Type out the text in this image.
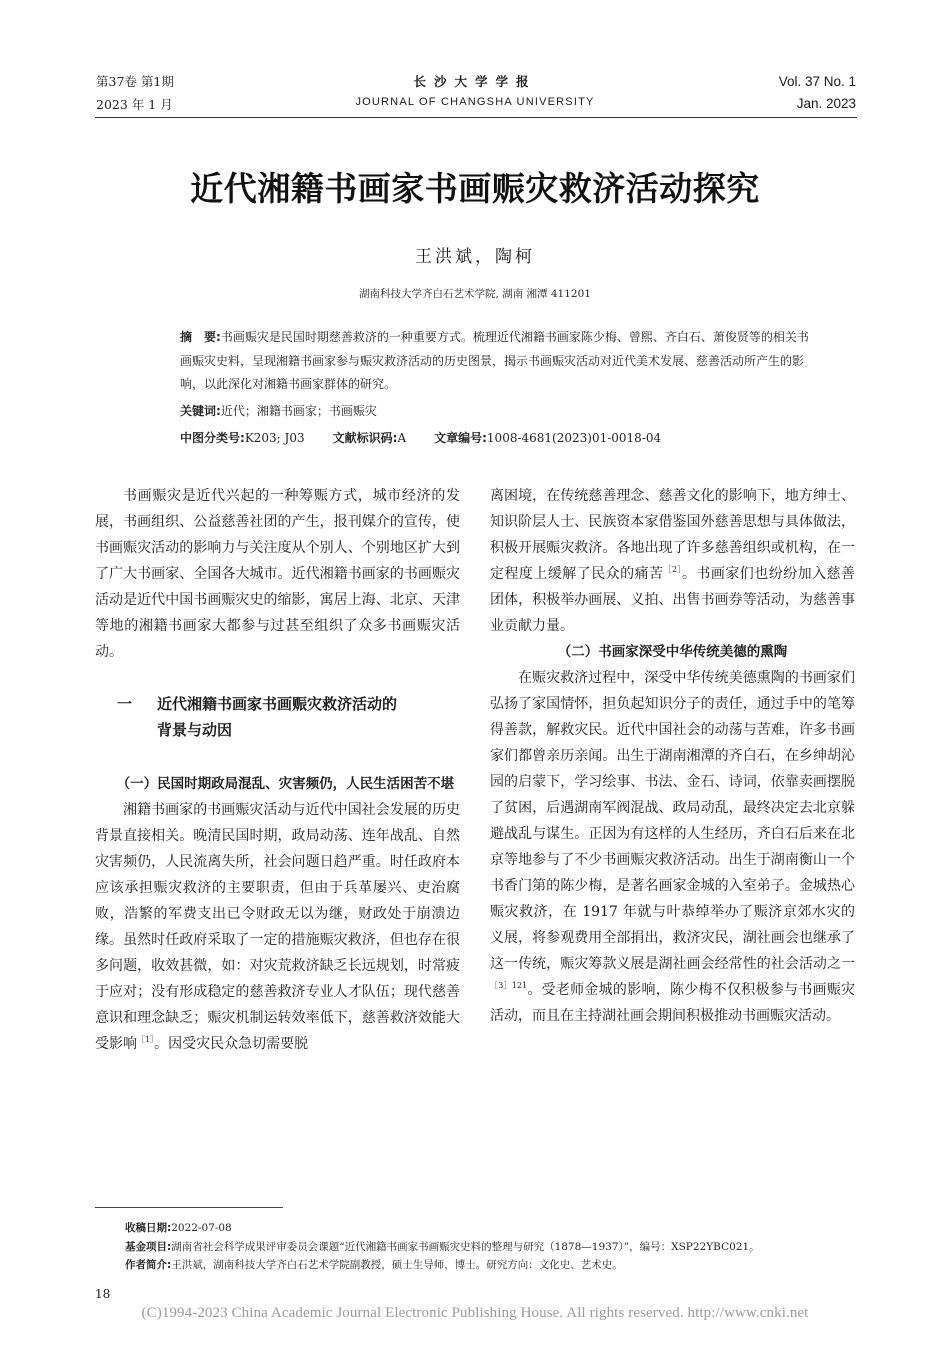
第37卷 第1期
2023 年 1 月
长沙大学学报
JOURNAL OF CHANGSHA UNIVERSITY
Vol. 37 No. 1
Jan. 2023
近代湘籍书画家书画赈灾救济活动探究
王洪斌，陶柯
湖南科技大学齐白石艺术学院, 湖南 湘潭 411201
摘　要:书画赈灾是民国时期慈善救济的一种重要方式。梳理近代湘籍书画家陈少梅、曾熙、齐白石、萧俊贤等的相关书画赈灾史料，呈现湘籍书画家参与赈灾救济活动的历史图景，揭示书画赈灾活动对近代美术发展、慈善活动所产生的影响，以此深化对湘籍书画家群体的研究。
关键词:近代；湘籍书画家；书画赈灾
中图分类号:K203; J03 文献标识码:A 文章编号:1008-4681(2023)01-0018-04

书画赈灾是近代兴起的一种筹赈方式，城市经济的发展，书画组织、公益慈善社团的产生，报刊媒介的宣传，使书画赈灾活动的影响力与关注度从个别人、个别地区扩大到了广大书画家、全国各大城市。近代湘籍书画家的书画赈灾活动是近代中国书画赈灾史的缩影，寓居上海、北京、天津等地的湘籍书画家大都参与过甚至组织了众多书画赈灾活动。

一 近代湘籍书画家书画赈灾救济活动的
背景与动因
（一）民国时期政局混乱、灾害频仍，人民生活困苦不堪

湘籍书画家的书画赈灾活动与近代中国社会发展的历史背景直接相关。晚清民国时期，政局动荡、连年战乱、自然灾害频仍，人民流离失所，社会问题日趋严重。时任政府本应该承担赈灾救济的主要职责，但由于兵革屡兴、吏治腐败，浩繁的军费支出已令财政无以为继，财政处于崩溃边缘。虽然时任政府采取了一定的措施赈灾救济，但也存在很多问题，收效甚微，如：对灾荒救济缺乏长远规划，时常疲于应对；没有形成稳定的慈善救济专业人才队伍；现代慈善意识和理念缺乏；赈灾机制运转效率低下，慈善救济效能大受影响$^{[1]}$。因受灾民众急切需要脱

离困境，在传统慈善理念、慈善文化的影响下，地方绅士、知识阶层人士、民族资本家借鉴国外慈善思想与具体做法，积极开展赈灾救济。各地出现了许多慈善组织或机构，在一定程度上缓解了民众的痛苦$^{[2]}$。书画家们也纷纷加入慈善团体，积极举办画展、义拍、出售书画券等活动，为慈善事业贡献力量。

（二）书画家深受中华传统美德的熏陶

在赈灾救济过程中，深受中华传统美德熏陶的书画家们弘扬了家国情怀，担负起知识分子的责任，通过手中的笔筹得善款，解救灾民。近代中国社会的动荡与苦难，许多书画家们都曾亲历亲闻。出生于湖南湘潭的齐白石，在乡绅胡沁园的启蒙下，学习绘事、书法、金石、诗词，依靠卖画摆脱了贫困，后遇湖南军阀混战、政局动乱，最终决定去北京躲避战乱与谋生。正因为有这样的人生经历，齐白石后来在北京等地参与了不少书画赈灾救济活动。出生于湖南衡山一个书香门第的陈少梅，是著名画家金城的入室弟子。金城热心赈灾救济，在 1917 年就与叶恭绰举办了赈济京郊水灾的义展，将参观费用全部捐出，救济灾民，湖社画会也继承了这一传统，赈灾筹款义展是湖社画会经常性的社会活动之一$^{[3]121}$。受老师金城的影响，陈少梅不仅积极参与书画赈灾活动，而且在主持湖社画会期间积极推动书画赈灾活动。

收稿日期:2022-07-08
基金项目:湖南省社会科学成果评审委员会课题“近代湘籍书画家书画赈灾史料的整理与研究（1878—1937）”，编号：XSP22YBC021。
作者简介:王洪斌，湖南科技大学齐白石艺术学院副教授，硕士生导师，博士。研究方向：文化史、艺术史。
18
(C)1994-2023 China Academic Journal Electronic Publishing House. All rights reserved. http://www.cnki.net
